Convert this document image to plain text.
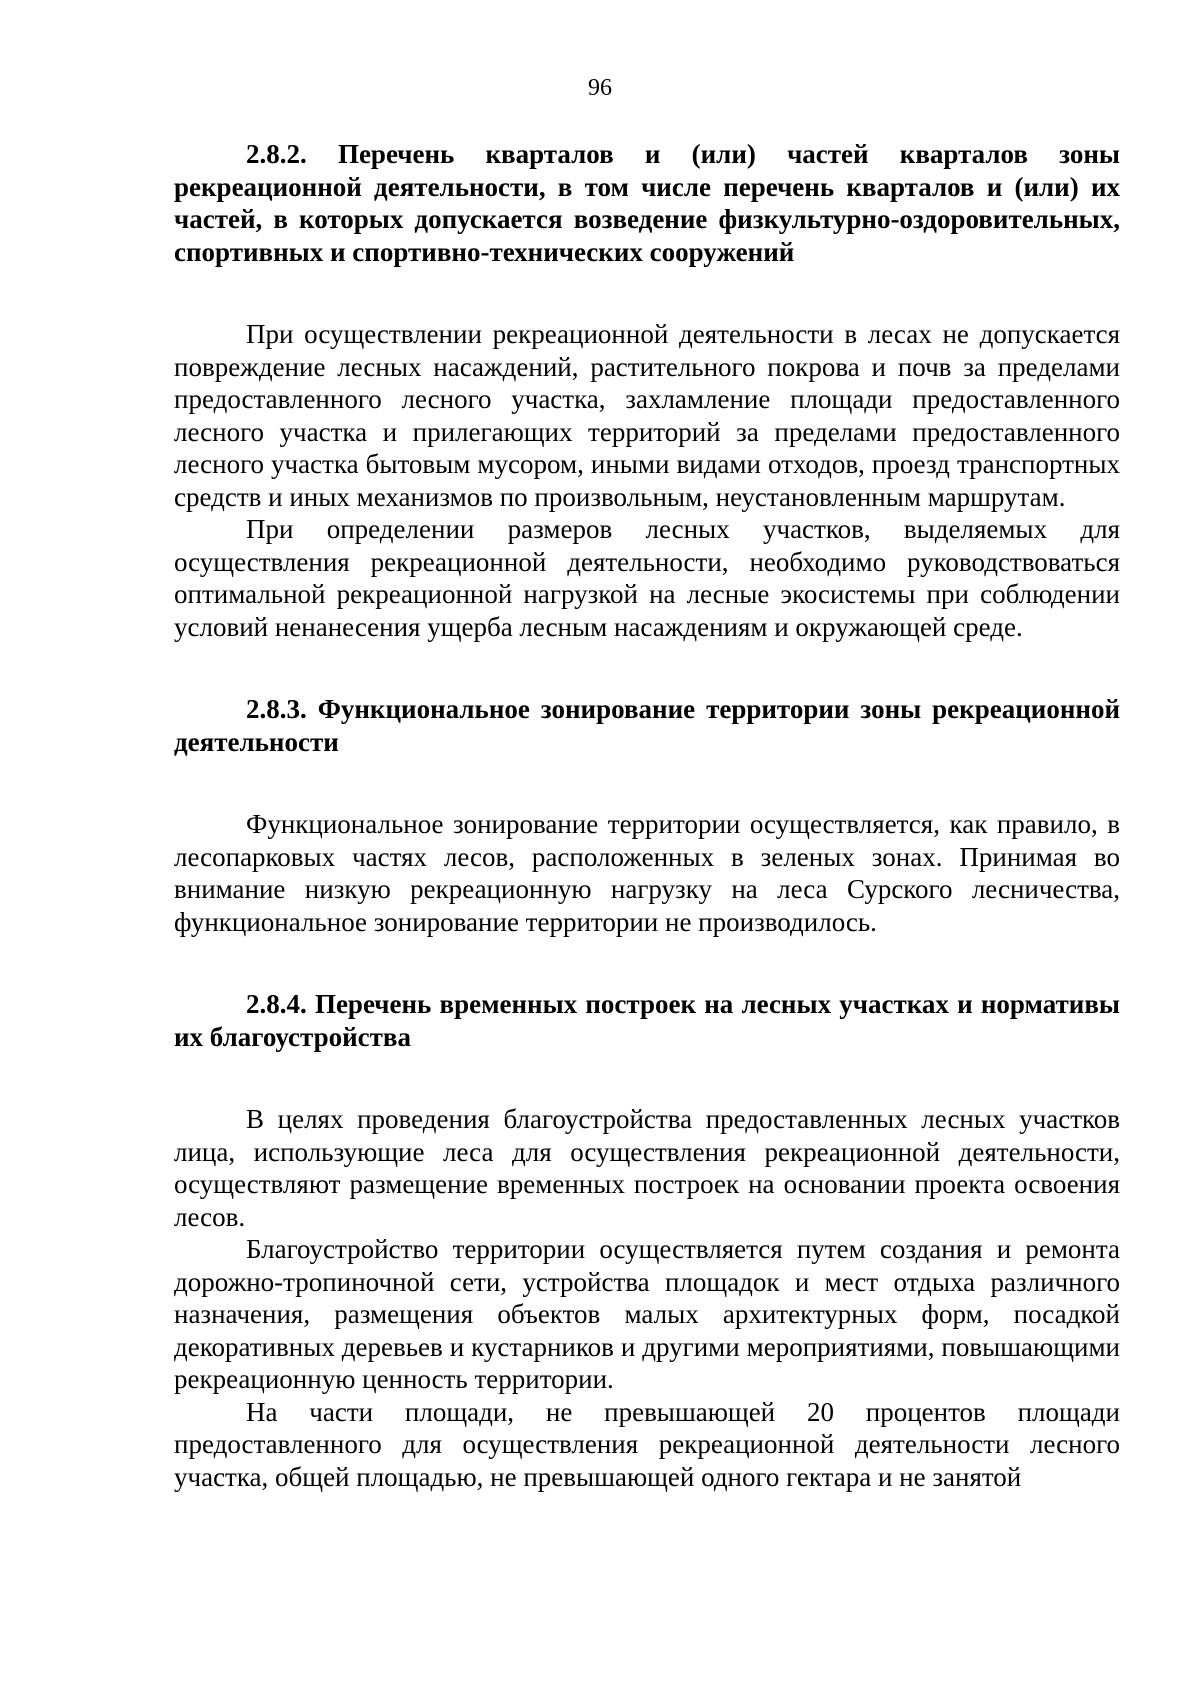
96

2.8.2. Перечень кварталов и (или) частей кварталов зоны рекреационной деятельности, в том числе перечень кварталов и (или) их частей, в которых допускается возведение физкультурно-оздоровительных, спортивных и спортивно-технических сооружений

При осуществлении рекреационной деятельности в лесах не допускается повреждение лесных насаждений, растительного покрова и почв за пределами предоставленного лесного участка, захламление площади предоставленного лесного участка и прилегающих территорий за пределами предоставленного лесного участка бытовым мусором, иными видами отходов, проезд транспортных средств и иных механизмов по произвольным, неустановленным маршрутам.

При определении размеров лесных участков, выделяемых для осуществления рекреационной деятельности, необходимо руководствоваться оптимальной рекреационной нагрузкой на лесные экосистемы при соблюдении условий ненанесения ущерба лесным насаждениям и окружающей среде.

2.8.3. Функциональное зонирование территории зоны рекреационной деятельности

Функциональное зонирование территории осуществляется, как правило, в лесопарковых частях лесов, расположенных в зеленых зонах. Принимая во внимание низкую рекреационную нагрузку на леса Сурского лесничества, функциональное зонирование территории не производилось.

2.8.4. Перечень временных построек на лесных участках и нормативы их благоустройства

В целях проведения благоустройства предоставленных лесных участков лица, использующие леса для осуществления рекреационной деятельности, осуществляют размещение временных построек на основании проекта освоения лесов.

Благоустройство территории осуществляется путем создания и ремонта дорожно-тропиночной сети, устройства площадок и мест отдыха различного назначения, размещения объектов малых архитектурных форм, посадкой декоративных деревьев и кустарников и другими мероприятиями, повышающими рекреационную ценность территории.

На части площади, не превышающей 20 процентов площади предоставленного для осуществления рекреационной деятельности лесного участка, общей площадью, не превышающей одного гектара и не занятой
